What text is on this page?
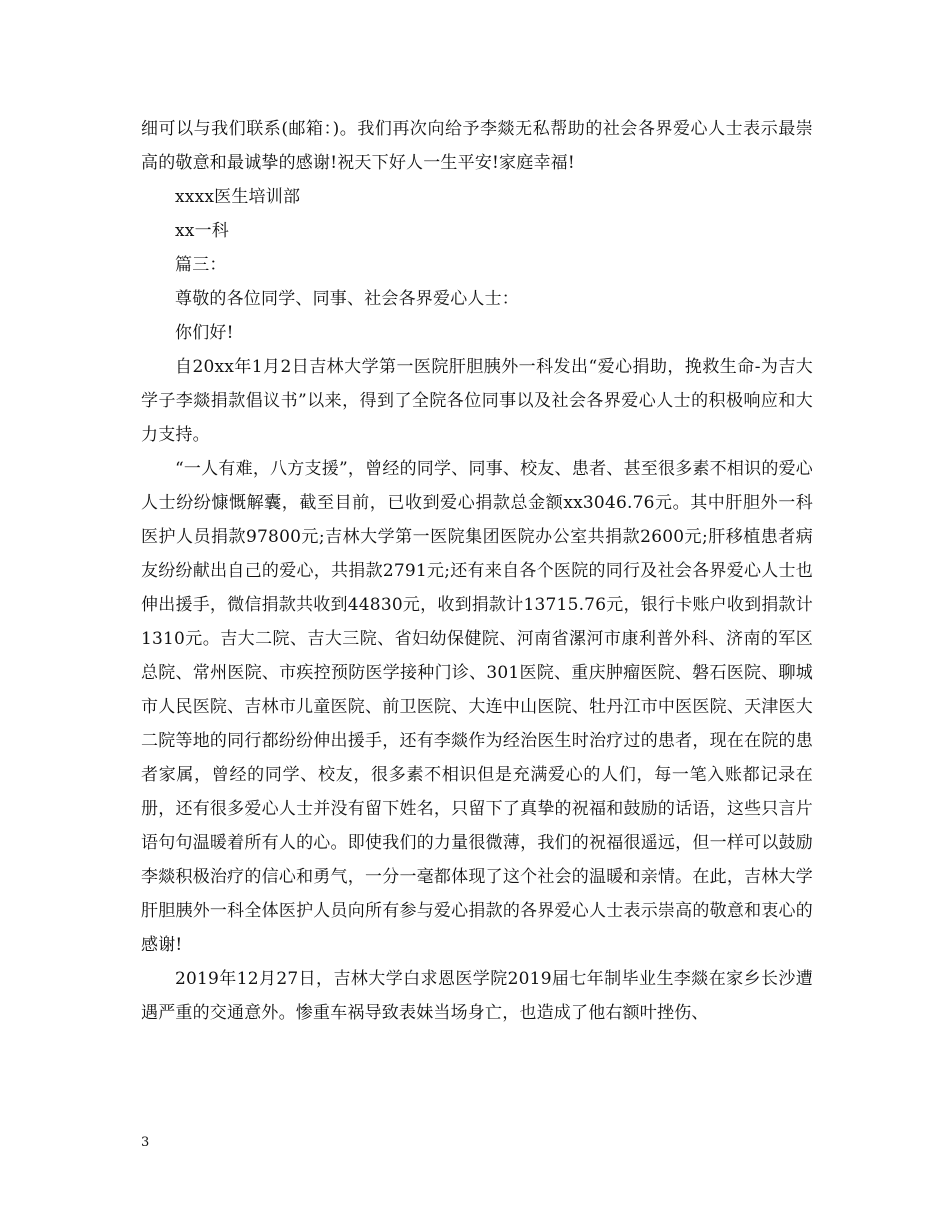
细可以与我们联系(邮箱：)。我们再次向给予李燚无私帮助的社会各界爱心人士表示最崇高的敬意和最诚挚的感谢!祝天下好人一生平安!家庭幸福!

xxxx医生培训部

xx一科

篇三：

尊敬的各位同学、同事、社会各界爱心人士：

你们好!

自20xx年1月2日吉林大学第一医院肝胆胰外一科发出“爱心捐助，挽救生命-为吉大学子李燚捐款倡议书”以来，得到了全院各位同事以及社会各界爱心人士的积极响应和大力支持。

“一人有难，八方支援”，曾经的同学、同事、校友、患者、甚至很多素不相识的爱心人士纷纷慷慨解囊，截至目前，已收到爱心捐款总金额xx3046.76元。其中肝胆外一科医护人员捐款97800元;吉林大学第一医院集团医院办公室共捐款2600元;肝移植患者病友纷纷献出自己的爱心，共捐款2791元;还有来自各个医院的同行及社会各界爱心人士也伸出援手，微信捐款共收到44830元，收到捐款计13715.76元，银行卡账户收到捐款计1310元。吉大二院、吉大三院、省妇幼保健院、河南省漯河市康利普外科、济南的军区总院、常州医院、市疾控预防医学接种门诊、301医院、重庆肿瘤医院、磐石医院、聊城市人民医院、吉林市儿童医院、前卫医院、大连中山医院、牡丹江市中医医院、天津医大二院等地的同行都纷纷伸出援手，还有李燚作为经治医生时治疗过的患者，现在在院的患者家属，曾经的同学、校友，很多素不相识但是充满爱心的人们，每一笔入账都记录在册，还有很多爱心人士并没有留下姓名，只留下了真挚的祝福和鼓励的话语，这些只言片语句句温暖着所有人的心。即使我们的力量很微薄，我们的祝福很遥远，但一样可以鼓励李燚积极治疗的信心和勇气，一分一毫都体现了这个社会的温暖和亲情。在此，吉林大学肝胆胰外一科全体医护人员向所有参与爱心捐款的各界爱心人士表示崇高的敬意和衷心的感谢!

2019年12月27日，吉林大学白求恩医学院2019届七年制毕业生李燚在家乡长沙遭遇严重的交通意外。惨重车祸导致表妹当场身亡，也造成了他右额叶挫伤、

3
